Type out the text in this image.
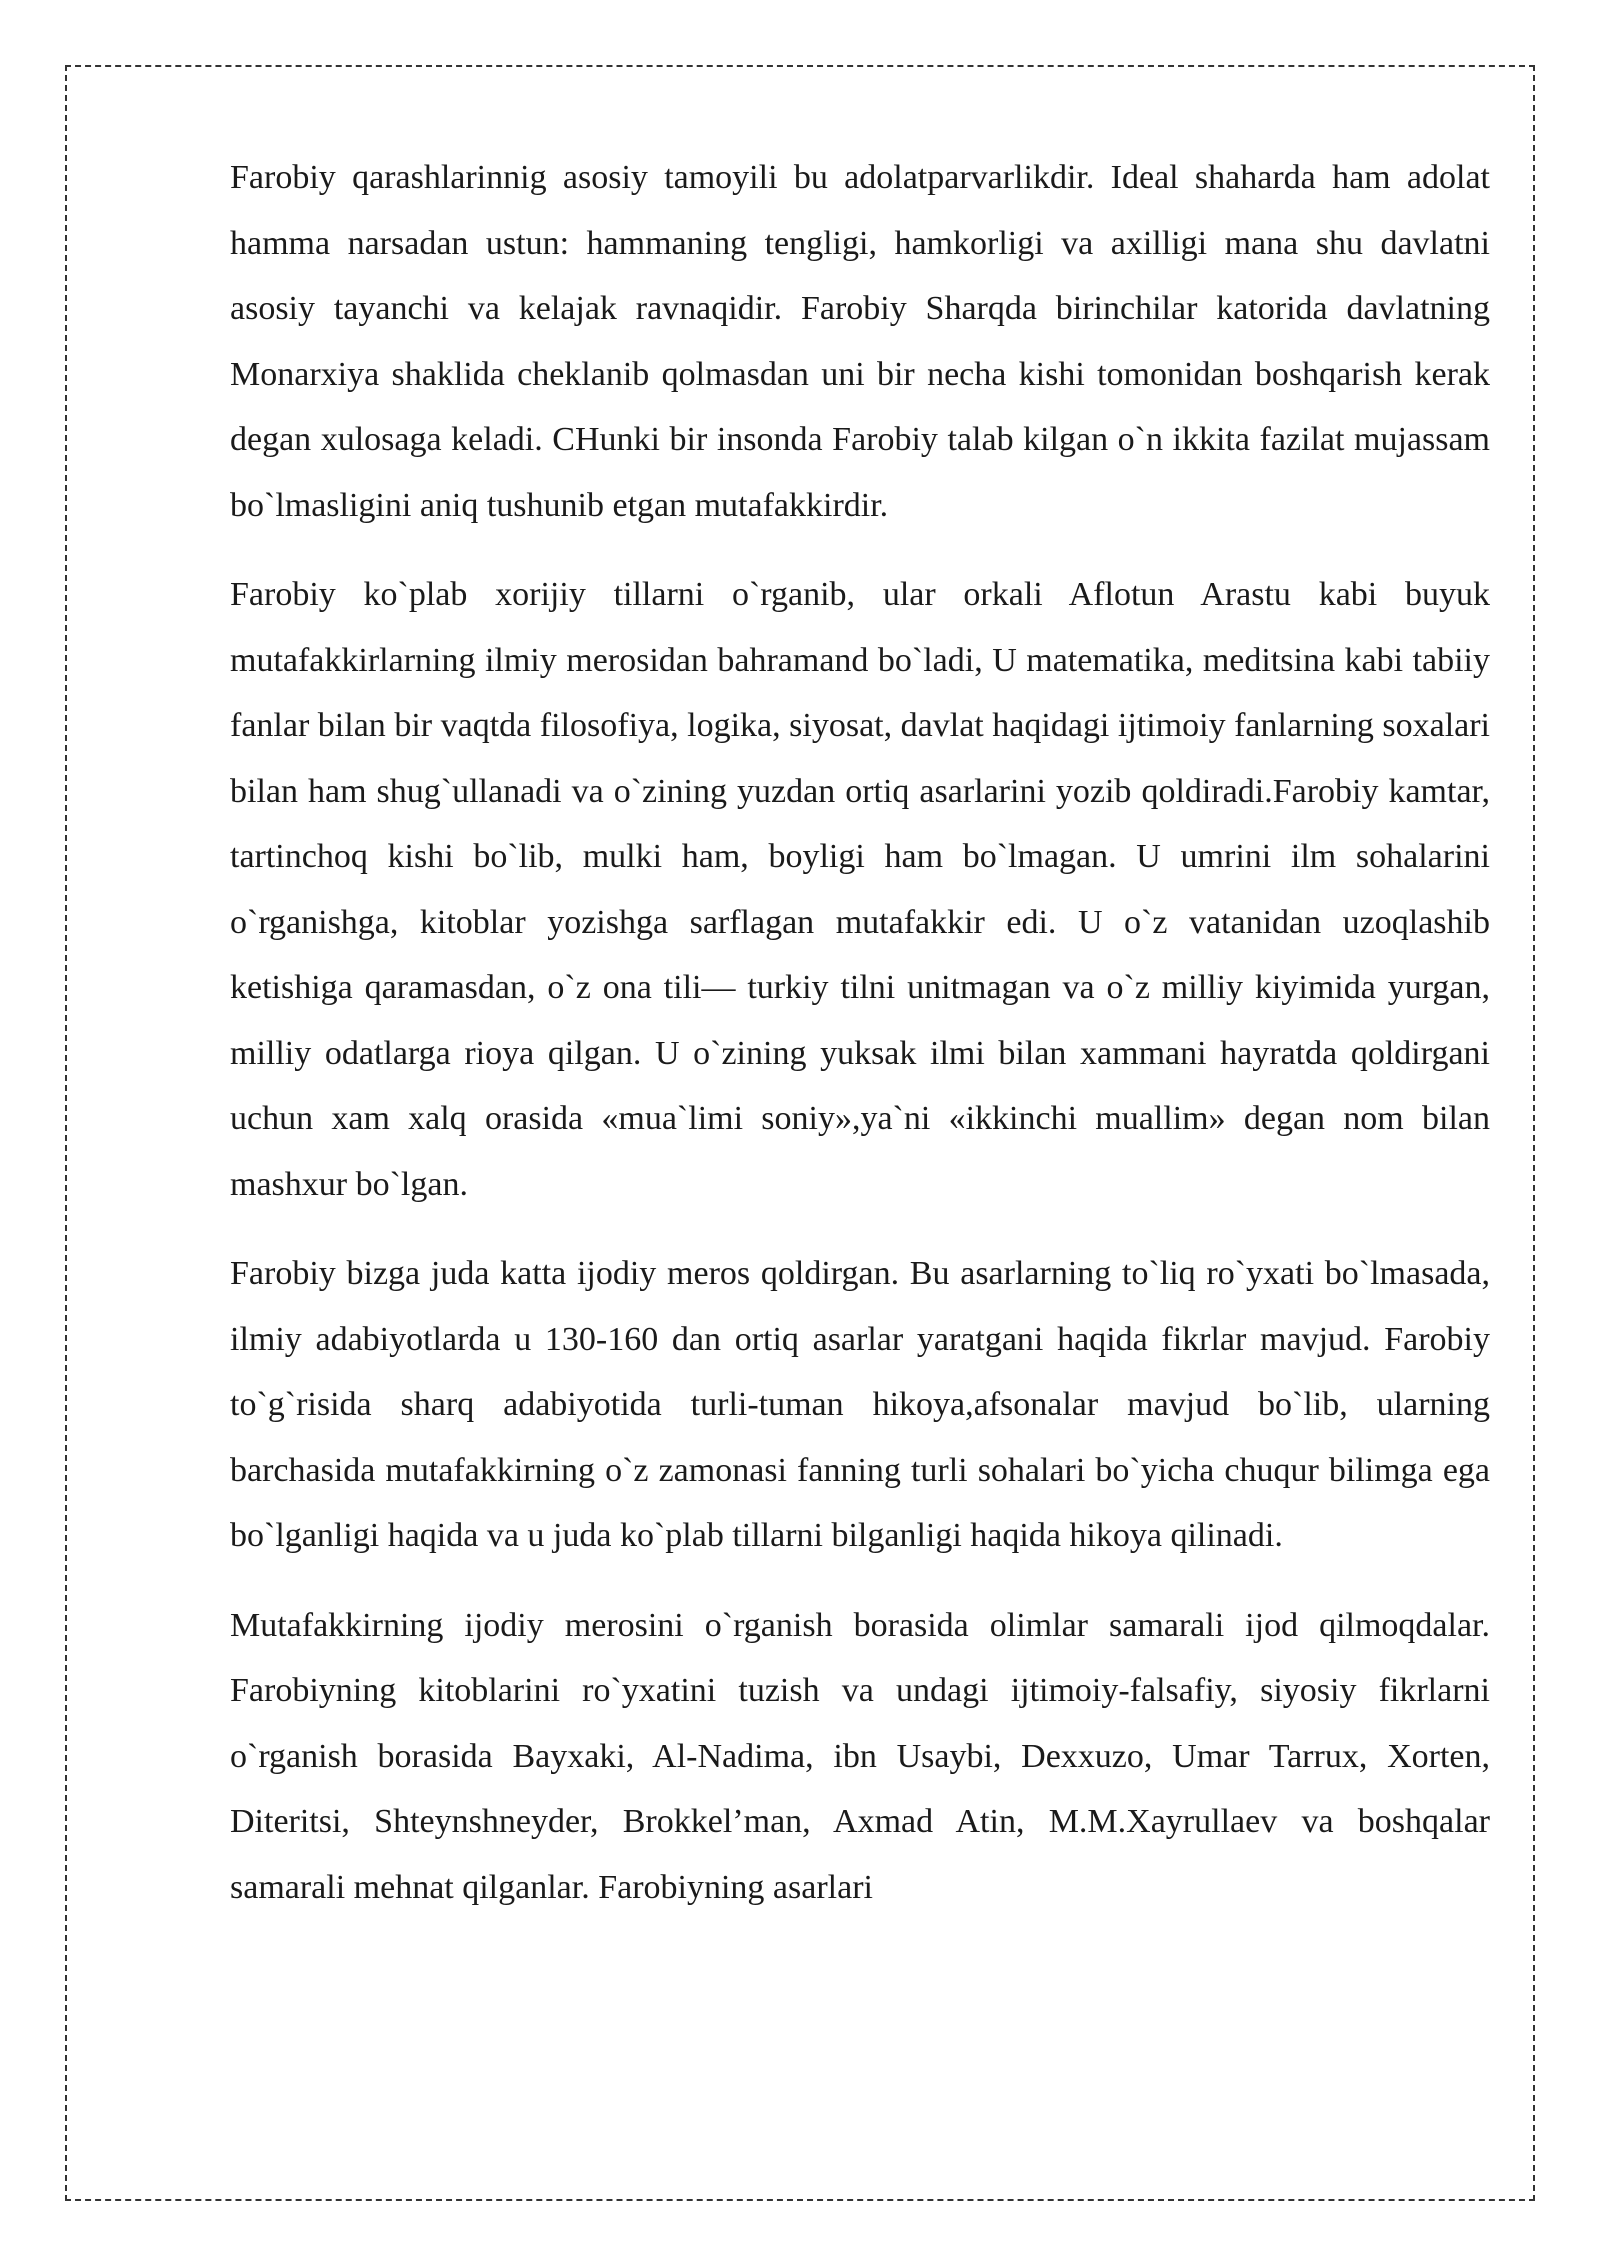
Farobiy qarashlarinnig asosiy tamoyili bu adolatparvarlikdir. Ideal shaharda ham adolat hamma narsadan ustun: hammaning tengligi, hamkorligi va axilligi mana shu davlatni asosiy tayanchi va kelajak ravnaqidir. Farobiy Sharqda birinchilar katorida davlatning Monarxiya shaklida cheklanib qolmasdan uni bir necha kishi tomonidan boshqarish kerak degan xulosaga keladi. CHunki bir insonda Farobiy talab kilgan o`n ikkita fazilat mujassam bo`lmasligini aniq tushunib etgan mutafakkirdir.

Farobiy ko`plab xorijiy tillarni o`rganib, ular orkali Aflotun Arastu kabi buyuk mutafakkirlarning ilmiy merosidan bahramand bo`ladi, U matematika, meditsina kabi tabiiy fanlar bilan bir vaqtda filosofiya, logika, siyosat, davlat haqidagi ijtimoiy fanlarning soxalari bilan ham shug`ullanadi va o`zining yuzdan ortiq asarlarini yozib qoldiradi.Farobiy kamtar, tartinchoq kishi bo`lib, mulki ham, boyligi ham bo`lmagan. U umrini ilm sohalarini o`rganishga, kitoblar yozishga sarflagan mutafakkir edi. U o`z vatanidan uzoqlashib ketishiga qaramasdan, o`z ona tili— turkiy tilni unitmagan va o`z milliy kiyimida yurgan, milliy odatlarga rioya qilgan. U o`zining yuksak ilmi bilan xammani hayratda qoldirgani uchun xam xalq orasida «mua`limi soniy»,ya`ni «ikkinchi muallim» degan nom bilan mashxur bo`lgan.

Farobiy bizga juda katta ijodiy meros qoldirgan. Bu asarlarning to`liq ro`yxati bo`lmasada, ilmiy adabiyotlarda u 130-160 dan ortiq asarlar yaratgani haqida fikrlar mavjud. Farobiy to`g`risida sharq adabiyotida turli-tuman hikoya,afsonalar mavjud bo`lib, ularning barchasida mutafakkirning o`z zamonasi fanning turli sohalari bo`yicha chuqur bilimga ega bo`lganligi haqida va u juda ko`plab tillarni bilganligi haqida hikoya qilinadi.

Mutafakkirning ijodiy merosini o`rganish borasida olimlar samarali ijod qilmoqdalar. Farobiyning kitoblarini ro`yxatini tuzish va undagi ijtimoiy-falsafiy, siyosiy fikrlarni o`rganish borasida Bayxaki, Al-Nadima, ibn Usaybi, Dexxuzo, Umar Tarrux, Xorten, Diteritsi, Shteynshneyder, Brokkel’man, Axmad Atin, M.M.Xayrullaev va boshqalar samarali mehnat qilganlar. Farobiyning asarlari
